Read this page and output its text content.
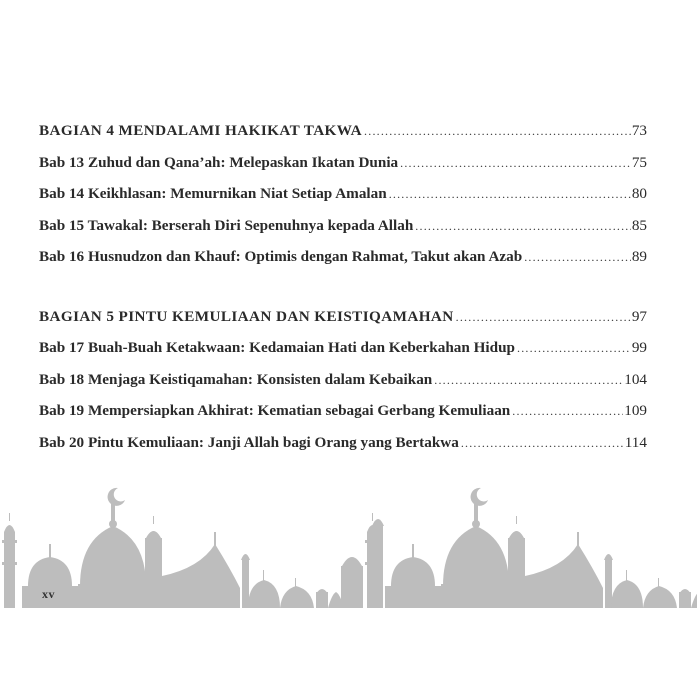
BAGIAN 4 MENDALAMI HAKIKAT TAKWA .....	73
Bab 13 Zuhud dan Qana’ah: Melepaskan Ikatan Dunia .....	75
Bab 14 Keikhlasan: Memurnikan Niat Setiap Amalan .....	80
Bab 15 Tawakal: Berserah Diri Sepenuhnya kepada Allah .....	85
Bab 16 Husnudzon dan Khauf: Optimis dengan Rahmat, Takut akan Azab .....	89
BAGIAN 5 PINTU KEMULIAAN DAN KEISTIQAMAHAN .....	97
Bab 17 Buah-Buah Ketakwaan: Kedamaian Hati dan Keberkahan Hidup .....	99
Bab 18 Menjaga Keistiqamahan: Konsisten dalam Kebaikan .....	104
Bab 19 Mempersiapkan Akhirat: Kematian sebagai Gerbang Kemuliaan .....	109
Bab 20 Pintu Kemuliaan: Janji Allah bagi Orang yang Bertakwa .....	114
xv
